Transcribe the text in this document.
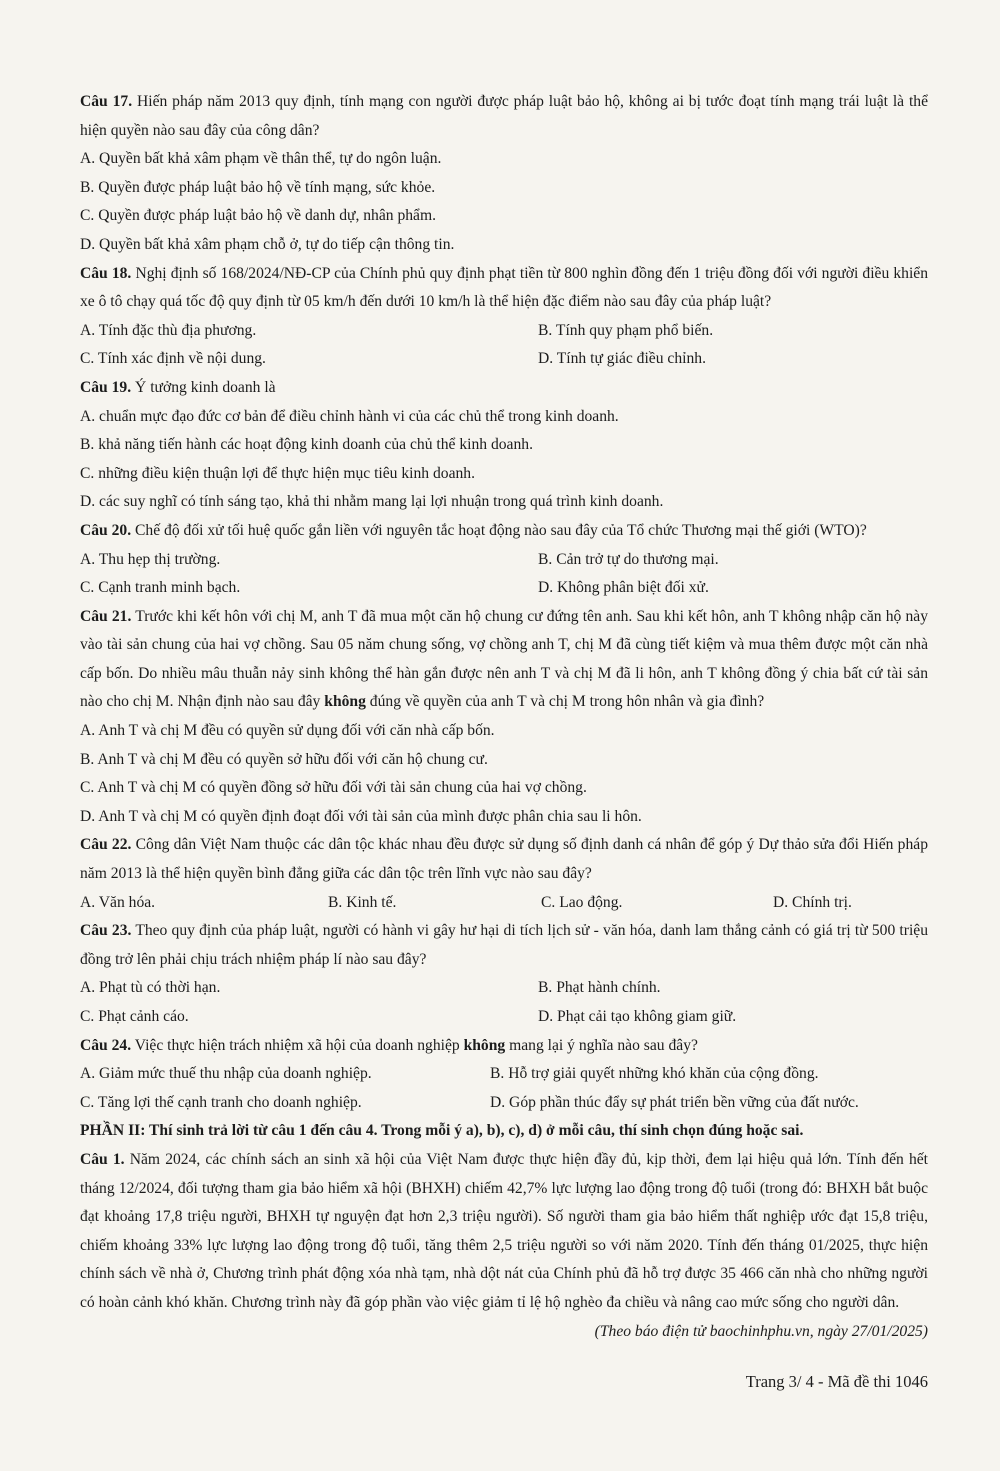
Câu 17. Hiến pháp năm 2013 quy định, tính mạng con người được pháp luật bảo hộ, không ai bị tước đoạt tính mạng trái luật là thể hiện quyền nào sau đây của công dân?

A. Quyền bất khả xâm phạm về thân thể, tự do ngôn luận.

B. Quyền được pháp luật bảo hộ về tính mạng, sức khỏe.

C. Quyền được pháp luật bảo hộ về danh dự, nhân phẩm.

D. Quyền bất khả xâm phạm chỗ ở, tự do tiếp cận thông tin.

Câu 18. Nghị định số 168/2024/NĐ-CP của Chính phủ quy định phạt tiền từ 800 nghìn đồng đến 1 triệu đồng đối với người điều khiển xe ô tô chạy quá tốc độ quy định từ 05 km/h đến dưới 10 km/h là thể hiện đặc điểm nào sau đây của pháp luật?

A. Tính đặc thù địa phương.	B. Tính quy phạm phổ biến.

C. Tính xác định về nội dung.	D. Tính tự giác điều chỉnh.

Câu 19. Ý tưởng kinh doanh là

A. chuẩn mực đạo đức cơ bản để điều chỉnh hành vi của các chủ thể trong kinh doanh.

B. khả năng tiến hành các hoạt động kinh doanh của chủ thể kinh doanh.

C. những điều kiện thuận lợi để thực hiện mục tiêu kinh doanh.

D. các suy nghĩ có tính sáng tạo, khả thi nhằm mang lại lợi nhuận trong quá trình kinh doanh.

Câu 20. Chế độ đối xử tối huệ quốc gắn liền với nguyên tắc hoạt động nào sau đây của Tổ chức Thương mại thế giới (WTO)?

A. Thu hẹp thị trường.	B. Cản trở tự do thương mại.

C. Cạnh tranh minh bạch.	D. Không phân biệt đối xử.

Câu 21. Trước khi kết hôn với chị M, anh T đã mua một căn hộ chung cư đứng tên anh. Sau khi kết hôn, anh T không nhập căn hộ này vào tài sản chung của hai vợ chồng. Sau 05 năm chung sống, vợ chồng anh T, chị M đã cùng tiết kiệm và mua thêm được một căn nhà cấp bốn. Do nhiều mâu thuẫn nảy sinh không thể hàn gắn được nên anh T và chị M đã li hôn, anh T không đồng ý chia bất cứ tài sản nào cho chị M. Nhận định nào sau đây không đúng về quyền của anh T và chị M trong hôn nhân và gia đình?

A. Anh T và chị M đều có quyền sử dụng đối với căn nhà cấp bốn.

B. Anh T và chị M đều có quyền sở hữu đối với căn hộ chung cư.

C. Anh T và chị M có quyền đồng sở hữu đối với tài sản chung của hai vợ chồng.

D. Anh T và chị M có quyền định đoạt đối với tài sản của mình được phân chia sau li hôn.

Câu 22. Công dân Việt Nam thuộc các dân tộc khác nhau đều được sử dụng số định danh cá nhân để góp ý Dự thảo sửa đổi Hiến pháp năm 2013 là thể hiện quyền bình đẳng giữa các dân tộc trên lĩnh vực nào sau đây?

A. Văn hóa.	B. Kinh tế.	C. Lao động.	D. Chính trị.

Câu 23. Theo quy định của pháp luật, người có hành vi gây hư hại di tích lịch sử - văn hóa, danh lam thắng cảnh có giá trị từ 500 triệu đồng trở lên phải chịu trách nhiệm pháp lí nào sau đây?

A. Phạt tù có thời hạn.	B. Phạt hành chính.

C. Phạt cảnh cáo.	D. Phạt cải tạo không giam giữ.

Câu 24. Việc thực hiện trách nhiệm xã hội của doanh nghiệp không mang lại ý nghĩa nào sau đây?

A. Giảm mức thuế thu nhập của doanh nghiệp.	B. Hỗ trợ giải quyết những khó khăn của cộng đồng.

C. Tăng lợi thế cạnh tranh cho doanh nghiệp.	D. Góp phần thúc đẩy sự phát triển bền vững của đất nước.

PHẦN II: Thí sinh trả lời từ câu 1 đến câu 4. Trong mỗi ý a), b), c), d) ở mỗi câu, thí sinh chọn đúng hoặc sai.

Câu 1. Năm 2024, các chính sách an sinh xã hội của Việt Nam được thực hiện đầy đủ, kịp thời, đem lại hiệu quả lớn. Tính đến hết tháng 12/2024, đối tượng tham gia bảo hiểm xã hội (BHXH) chiếm 42,7% lực lượng lao động trong độ tuổi (trong đó: BHXH bắt buộc đạt khoảng 17,8 triệu người, BHXH tự nguyện đạt hơn 2,3 triệu người). Số người tham gia bảo hiểm thất nghiệp ước đạt 15,8 triệu, chiếm khoảng 33% lực lượng lao động trong độ tuổi, tăng thêm 2,5 triệu người so với năm 2020. Tính đến tháng 01/2025, thực hiện chính sách về nhà ở, Chương trình phát động xóa nhà tạm, nhà dột nát của Chính phủ đã hỗ trợ được 35 466 căn nhà cho những người có hoàn cảnh khó khăn. Chương trình này đã góp phần vào việc giảm tỉ lệ hộ nghèo đa chiều và nâng cao mức sống cho người dân.

(Theo báo điện tử baochinhphu.vn, ngày 27/01/2025)

Trang 3/ 4 - Mã đề thi 1046
